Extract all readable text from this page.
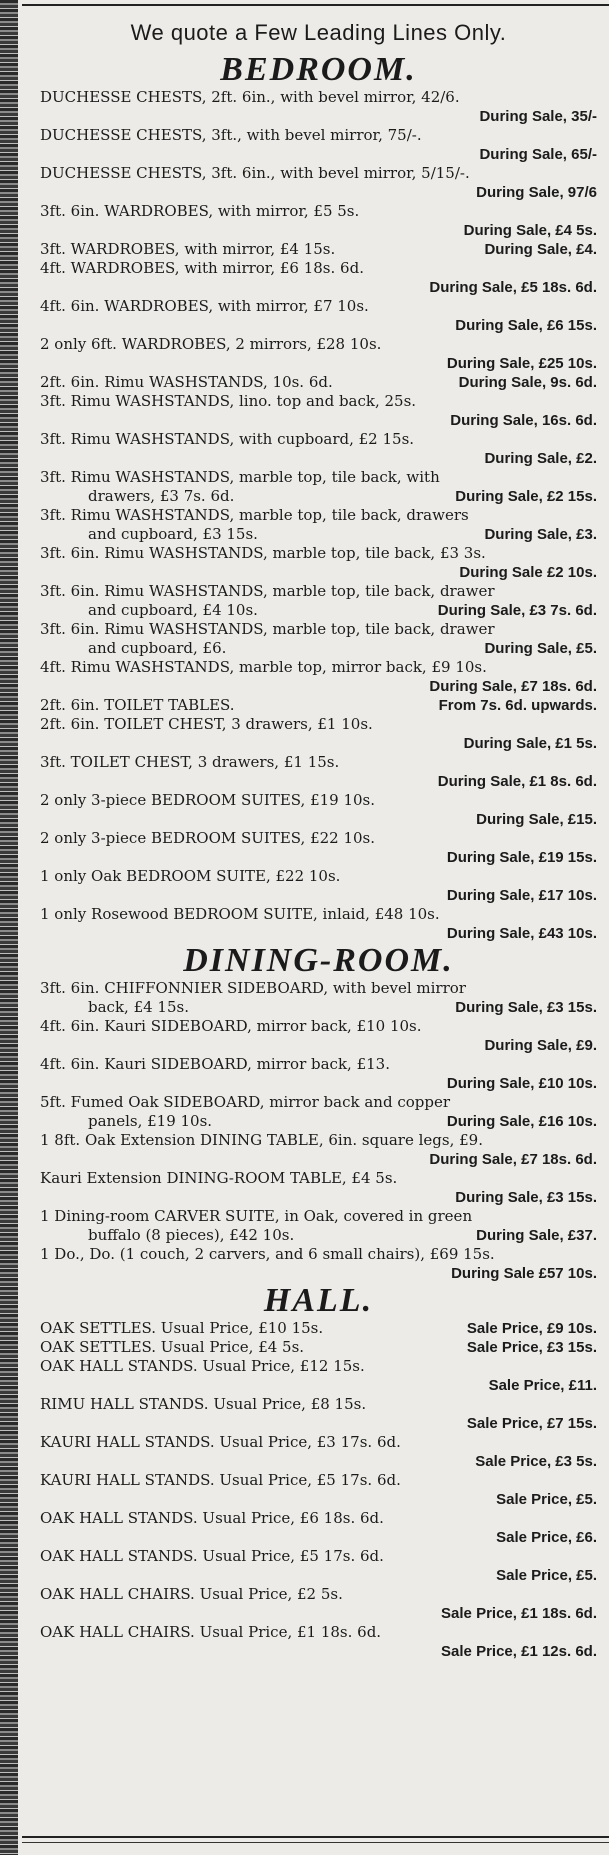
We quote a Few Leading Lines Only.
BEDROOM.
DUCHESSE CHESTS, 2ft. 6in., with bevel mirror, 42/6.
During Sale, 35/-
DUCHESSE CHESTS, 3ft., with bevel mirror, 75/-.
During Sale, 65/-
DUCHESSE CHESTS, 3ft. 6in., with bevel mirror, 5/15/-.
During Sale, 97/6
3ft. 6in. WARDROBES, with mirror, £5 5s.
During Sale, £4 5s.
3ft. WARDROBES, with mirror, £4 15s.	During Sale, £4.
4ft. WARDROBES, with mirror, £6 18s. 6d.
During Sale, £5 18s. 6d.
4ft. 6in. WARDROBES, with mirror, £7 10s.
During Sale, £6 15s.
2 only 6ft. WARDROBES, 2 mirrors, £28 10s.
During Sale, £25 10s.
2ft. 6in. Rimu WASHSTANDS, 10s. 6d.	During Sale, 9s. 6d.
3ft. Rimu WASHSTANDS, lino. top and back, 25s.
During Sale, 16s. 6d.
3ft. Rimu WASHSTANDS, with cupboard, £2 15s.
During Sale, £2.
3ft. Rimu WASHSTANDS, marble top, tile back, with
drawers, £3 7s. 6d.	During Sale, £2 15s.
3ft. Rimu WASHSTANDS, marble top, tile back, drawers
and cupboard, £3 15s.	During Sale, £3.
3ft. 6in. Rimu WASHSTANDS, marble top, tile back, £3 3s.
During Sale £2 10s.
3ft. 6in. Rimu WASHSTANDS, marble top, tile back, drawer
and cupboard, £4 10s.	During Sale, £3 7s. 6d.
3ft. 6in. Rimu WASHSTANDS, marble top, tile back, drawer
and cupboard, £6.	During Sale, £5.
4ft. Rimu WASHSTANDS, marble top, mirror back, £9 10s.
During Sale, £7 18s. 6d.
2ft. 6in. TOILET TABLES.	From 7s. 6d. upwards.
2ft. 6in. TOILET CHEST, 3 drawers, £1 10s.
During Sale, £1 5s.
3ft. TOILET CHEST, 3 drawers, £1 15s.
During Sale, £1 8s. 6d.
2 only 3-piece BEDROOM SUITES, £19 10s.
During Sale, £15.
2 only 3-piece BEDROOM SUITES, £22 10s.
During Sale, £19 15s.
1 only Oak BEDROOM SUITE, £22 10s.
During Sale, £17 10s.
1 only Rosewood BEDROOM SUITE, inlaid, £48 10s.
During Sale, £43 10s.
DINING-ROOM.
3ft. 6in. CHIFFONNIER SIDEBOARD, with bevel mirror
back, £4 15s.	During Sale, £3 15s.
4ft. 6in. Kauri SIDEBOARD, mirror back, £10 10s.
During Sale, £9.
4ft. 6in. Kauri SIDEBOARD, mirror back, £13.
During Sale, £10 10s.
5ft. Fumed Oak SIDEBOARD, mirror back and copper
panels, £19 10s.	During Sale, £16 10s.
1 8ft. Oak Extension DINING TABLE, 6in. square legs, £9.
During Sale, £7 18s. 6d.
Kauri Extension DINING-ROOM TABLE, £4 5s.
During Sale, £3 15s.
1 Dining-room CARVER SUITE, in Oak, covered in green
buffalo (8 pieces), £42 10s.	During Sale, £37.
1 Do., Do. (1 couch, 2 carvers, and 6 small chairs), £69 15s.
During Sale £57 10s.
HALL.
OAK SETTLES. Usual Price, £10 15s.	Sale Price, £9 10s.
OAK SETTLES. Usual Price, £4 5s.	Sale Price, £3 15s.
OAK HALL STANDS. Usual Price, £12 15s.
Sale Price, £11.
RIMU HALL STANDS. Usual Price, £8 15s.
Sale Price, £7 15s.
KAURI HALL STANDS. Usual Price, £3 17s. 6d.
Sale Price, £3 5s.
KAURI HALL STANDS. Usual Price, £5 17s. 6d.
Sale Price, £5.
OAK HALL STANDS. Usual Price, £6 18s. 6d.
Sale Price, £6.
OAK HALL STANDS. Usual Price, £5 17s. 6d.
Sale Price, £5.
OAK HALL CHAIRS. Usual Price, £2 5s.
Sale Price, £1 18s. 6d.
OAK HALL CHAIRS. Usual Price, £1 18s. 6d.
Sale Price, £1 12s. 6d.
